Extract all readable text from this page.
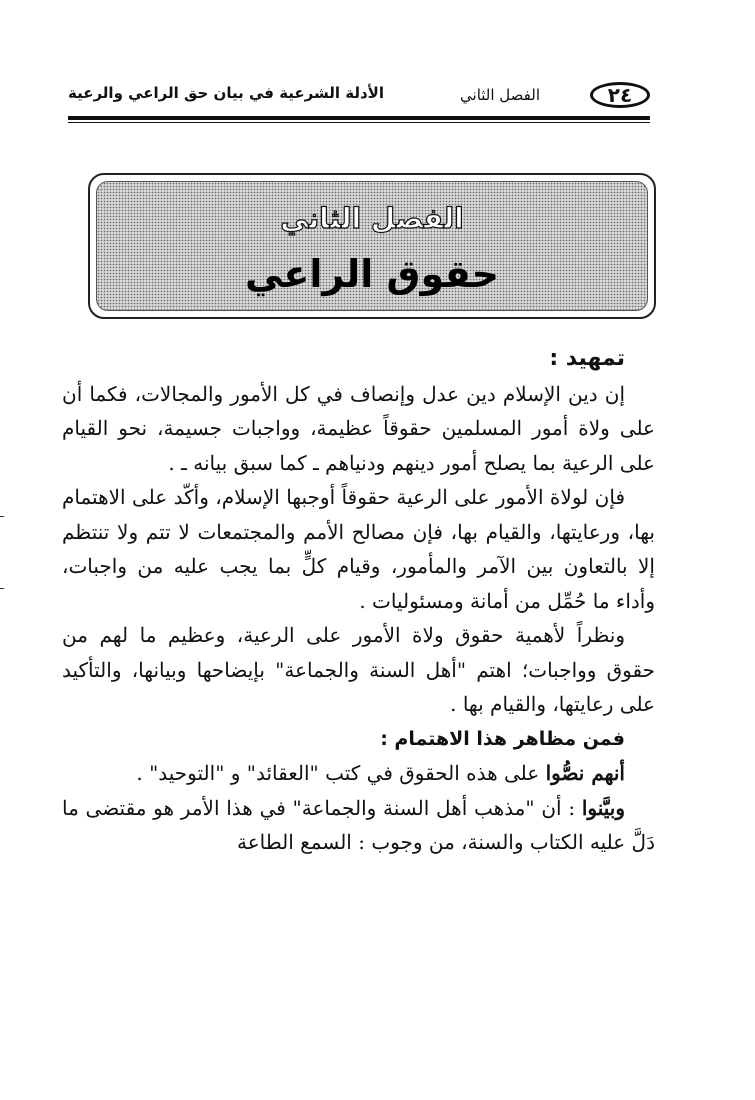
٢٤
الفصل الثاني
الأدلة الشرعية في بيان حق الراعي والرعية
الفصل الثاني
حقوق الراعي

تمهيد :

إن دين الإسلام دين عدل وإنصاف في كل الأمور والمجالات، فكما أن على ولاة أمور المسلمين حقوقاً عظيمة، وواجبات جسيمة، نحو القيام على الرعية بما يصلح أمور دينهم ودنياهم ـ كما سبق بيانه ـ .

فإن لولاة الأمور على الرعية حقوقاً أوجبها الإسلام، وأكّد على الاهتمام بها، ورعايتها، والقيام بها، فإن مصالح الأمم والمجتمعات لا تتم ولا تنتظم إلا بالتعاون بين الآمر والمأمور، وقيام كلٍّ بما يجب عليه من واجبات، وأداء ما حُمِّل من أمانة ومسئوليات .

ونظراً لأهمية حقوق ولاة الأمور على الرعية، وعظيم ما لهم من حقوق وواجبات؛ اهتم "أهل السنة والجماعة" بإيضاحها وبيانها، والتأكيد على رعايتها، والقيام بها .

فمن مظاهر هذا الاهتمام :

أنهم نصُّوا على هذه الحقوق في كتب "العقائد" و "التوحيد" .

وبيَّنوا : أن "مذهب أهل السنة والجماعة" في هذا الأمر هو مقتضى ما دَلَّ عليه الكتاب والسنة، من وجوب : السمع الطاعة
